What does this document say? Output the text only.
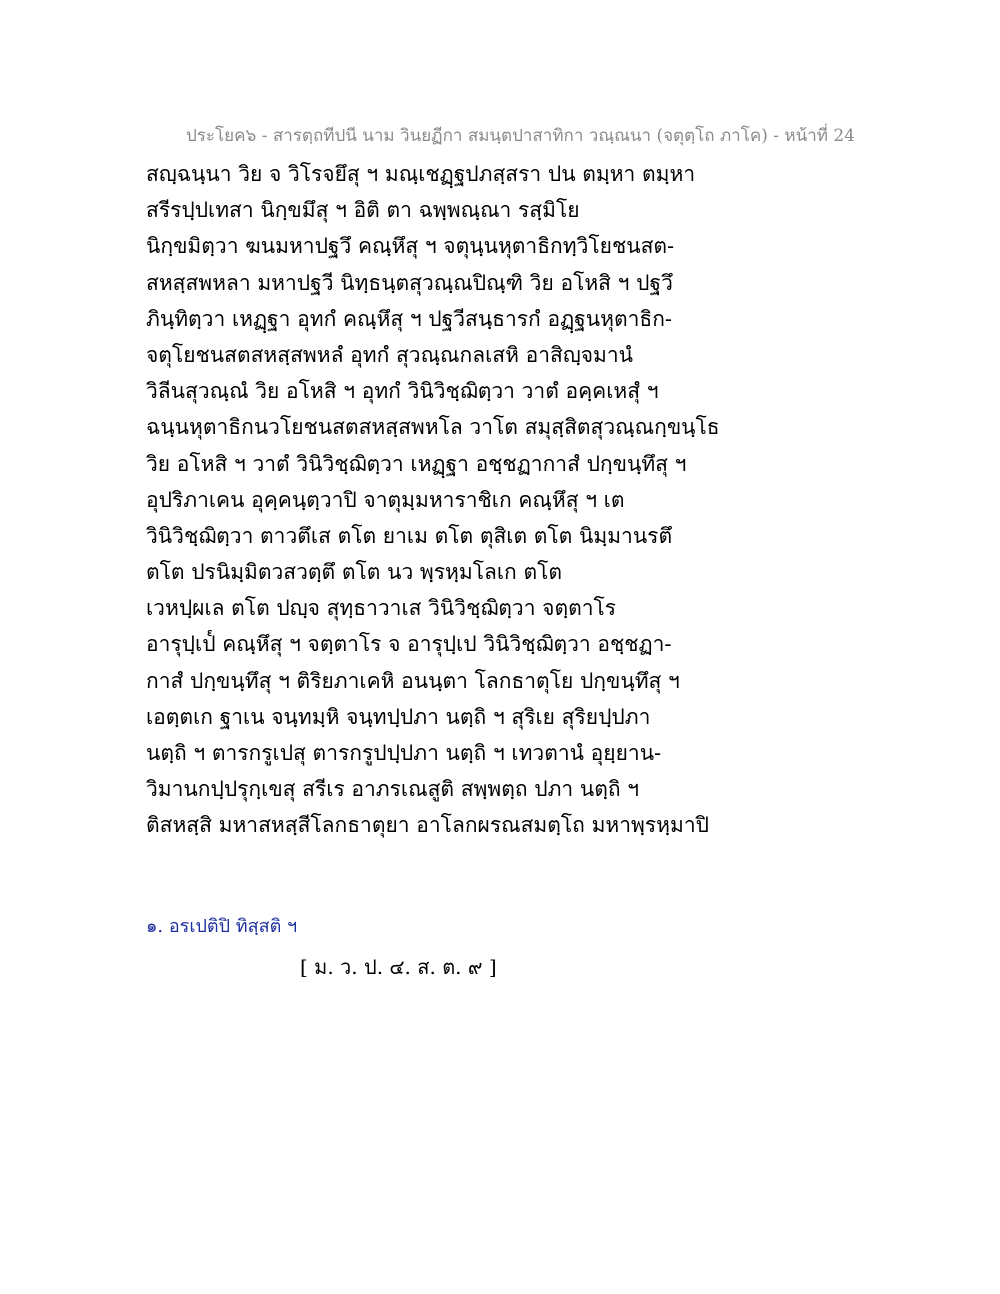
ประโยค๖ - สารตฺถทีปนี นาม วินยฏีกา สมนฺตปาสาทิกา วณฺณนา (จตุตฺโถ ภาโค) - หน้าที่ 24
สญฺฉนฺนา วิย จ วิโรจยึสุ ฯ มณฺเชฏฺฐปภสฺสรา ปน ตมฺหา ตมฺหา
สรีรปฺปเทสา นิกฺขมึสุ ฯ อิติ ตา ฉพฺพณฺณา รสฺมิโย
นิกฺขมิตฺวา ฆนมหาปฐวึ คณฺหึสุ ฯ จตุนฺนหุตาธิกทฺวิโยชนสต-
สหสฺสพหลา มหาปฐวี นิทฺธนฺตสุวณฺณปิณฺฑิ วิย อโหสิ ฯ ปฐวึ
ภินฺทิตฺวา เหฏฺฐา อุทกํ คณฺหึสุ ฯ ปฐวีสนฺธารกํ อฏฺฐนหุตาธิก-
จตุโยชนสตสหสฺสพหลํ อุทกํ สุวณฺณกลเสหิ อาสิญฺจมานํ
วิลีนสุวณฺณํ วิย อโหสิ ฯ อุทกํ วินิวิชฺฌิตฺวา วาตํ อคฺคเหสุํ ฯ
ฉนฺนหุตาธิกนวโยชนสตสหสฺสพหโล วาโต สมุสฺสิตสุวณฺณกฺขนฺโธ
วิย อโหสิ ฯ วาตํ วินิวิชฺฌิตฺวา เหฏฺฐา อชฺชฏากาสํ ปกฺขนฺทึสุ ฯ
อุปริภาเคน อุคฺคนฺตฺวาปิ จาตุมฺมหาราชิเก คณฺหึสุ ฯ เต
วินิวิชฺฌิตฺวา ตาวตึเส ตโต ยาเม ตโต ตุสิเต ตโต นิมฺมานรตึ
ตโต ปรนิมฺมิตวสวตฺตึ ตโต นว พฺรหฺมโลเก ตโต
เวหปฺผเล ตโต ปญฺจ สุทฺธาวาเส วินิวิชฺฌิตฺวา จตฺตาโร
อารุปฺเป๎ คณฺหึสุ ฯ จตฺตาโร จ อารุปฺเป วินิวิชฺฌิตฺวา อชฺชฏา-
กาสํ ปกฺขนฺทึสุ ฯ ติริยภาเคหิ อนนฺตา โลกธาตุโย ปกฺขนฺทึสุ ฯ
เอตฺตเก ฐาเน จนฺทมฺหิ จนฺทปฺปภา นตฺถิ ฯ สุริเย สุริยปฺปภา
นตฺถิ ฯ ตารกรูเปสุ ตารกรูปปฺปภา นตฺถิ ฯ เทวตานํ อุยฺยาน-
วิมานกปฺปรุกฺเขสุ สรีเร อาภรเณสูติ สพฺพตฺถ ปภา นตฺถิ ฯ
ติสหสฺสิ มหาสหสฺสีโลกธาตุยา อาโลกผรณสมตฺโถ มหาพฺรหฺมาปิ
๑. อรเปติปิ ทิสฺสติ ฯ
[ ม. ว. ป. ๔. ส. ต. ๙ ]
